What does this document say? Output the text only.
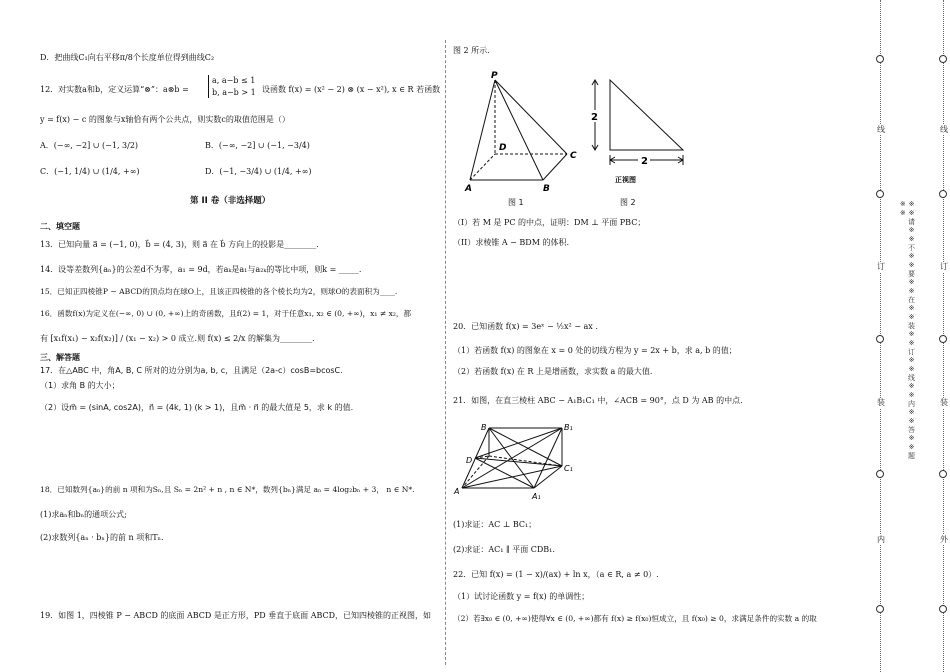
D．把曲线C₁向右平移π/8个长度单位得到曲线C₂
12．对实数a和b，定义运算“⊗”：a⊗b =
a, a−b ≤ 1
b, a−b > 1 设函数 f(x) = (x² − 2) ⊗ (x − x²), x ∈ R 若函数
y = f(x) − c 的图象与x轴恰有两个公共点，则实数c的取值范围是（）
A．(−∞, −2] ∪ (−1, 3/2)	B．(−∞, −2] ∪ (−1, −3/4)
C．(−1, 1/4) ∪ (1/4, +∞)	D．(−1, −3/4) ∪ (1/4, +∞)
第 II 卷（非选择题）
二、填空题
13．已知向量 a⃗ = (−1, 0)，b⃗ = (4, 3)，则 a⃗ 在 b⃗ 方向上的投影是________.
14．设等差数列{aₙ}的公差d不为零，a₁ = 9d，若aₖ是a₁与a₂ₖ的等比中项，则k = _____.
15．已知正四棱锥P − ABCD的顶点均在球O上，且该正四棱锥的各个棱长均为2，则球O的表面积为____.
16．函数f(x)为定义在(−∞, 0) ∪ (0, +∞)上的奇函数，且f(2) = 1，对于任意x₁, x₂ ∈ (0, +∞)，x₁ ≠ x₂，都
有 [x₁f(x₁) − x₂f(x₂)] / (x₁ − x₂) > 0 成立.则 f(x) ≤ 2/x 的解集为________.
三、解答题
17．在△ABC 中，角A, B, C 所对的边分别为a, b, c，且满足（2a-c）cosB=bcosC.
（1）求角 B 的大小；
（2）设m⃗ = (sinA, cos2A)，n⃗ = (4k, 1) (k > 1)，且m⃗ · n⃗ 的最大值是 5，求 k 的值.
18．已知数列{aₙ}的前 n 项和为Sₙ,且 Sₙ = 2n² + n , n ∈ N*，数列{bₙ}满足 aₙ = 4log₂bₙ + 3， n ∈ N*.
(1)求aₙ和bₙ的通项公式;
(2)求数列{aₙ · bₙ}的前 n 项和Tₙ.
19．如图 1，四棱锥 P − ABCD 的底面 ABCD 是正方形，PD 垂直于底面 ABCD，已知四棱锥的正视图，如
图 2 所示.
P
A	B
C
D
图 1
2
2
正视图
图 2
（I）若 M 是 PC 的中点，证明：DM ⊥ 平面 PBC；
（II）求棱锥 A − BDM 的体积.
20．已知函数 f(x) = 3eˣ − ½x² − ax .
（1）若函数 f(x) 的图象在 x = 0 处的切线方程为 y = 2x + b，求 a, b 的值；
（2）若函数 f(x) 在 R 上是增函数，求实数 a 的最大值.
21．如图，在直三棱柱 ABC − A₁B₁C₁ 中，∠ACB = 90°，点 D 为 AB 的中点.
B	B₁
C₁
D
A
A₁
(1)求证：AC ⊥ BC₁；
(2)求证：AC₁ ∥ 平面 CDB₁.
22．已知 f(x) = (1 − x)/(ax) + ln x，（a ∈ R, a ≠ 0）.
（1）试讨论函数 y = f(x) 的单调性；
（2）若∃x₀ ∈ (0, +∞)使得∀x ∈ (0, +∞)都有 f(x) ≥ f(x₀)恒成立，且 f(x₀) ≥ 0，求满足条件的实数 a 的取
线
订
装
内
※※请※※不※※要※※在※※装※※订※※线※※内※※答※※题※※
线
订
装
外
